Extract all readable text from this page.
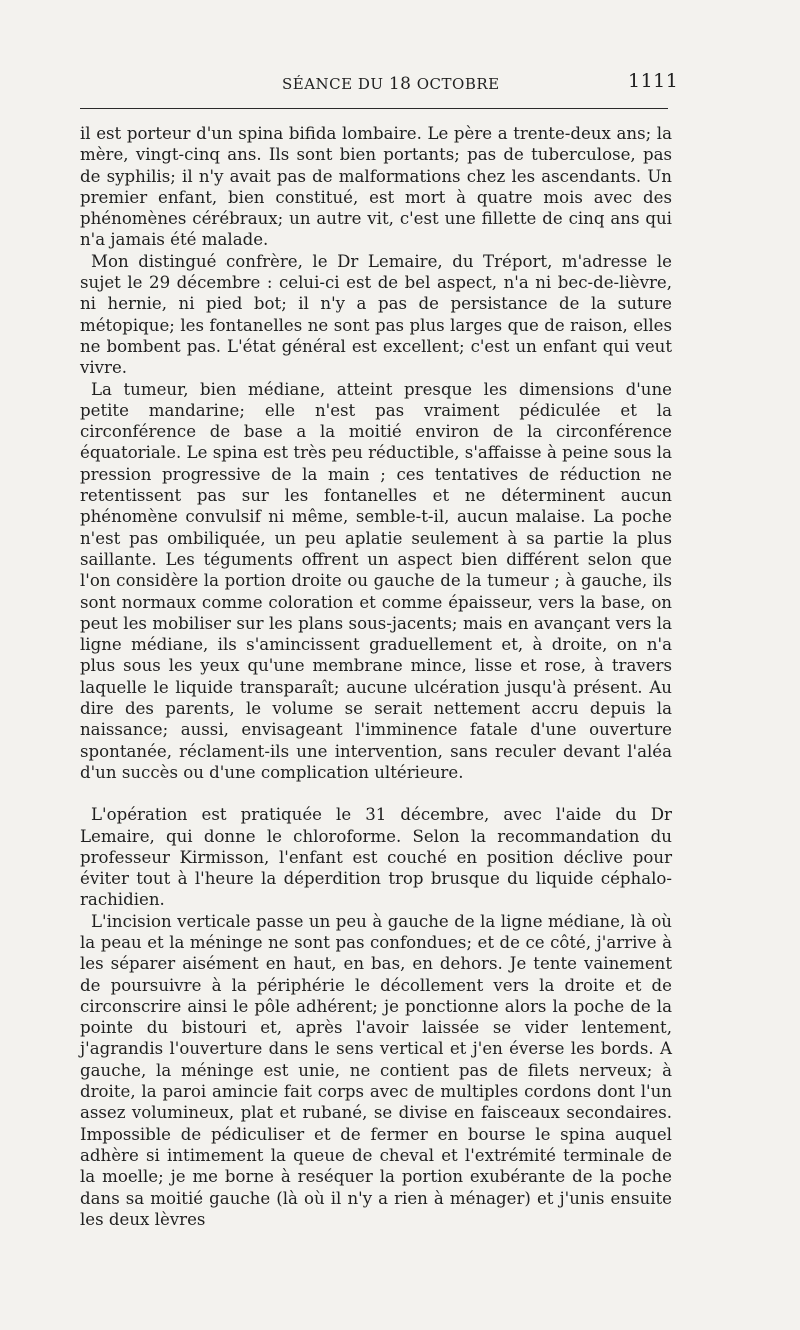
SÉANCE DU 18 OCTOBRE	1111

il est porteur d'un spina bifida lombaire. Le père a trente-deux ans; la mère, vingt-cinq ans. Ils sont bien portants; pas de tuberculose, pas de syphilis; il n'y avait pas de malformations chez les ascendants. Un premier enfant, bien constitué, est mort à quatre mois avec des phénomènes cérébraux; un autre vit, c'est une fillette de cinq ans qui n'a jamais été malade.

Mon distingué confrère, le Dr Lemaire, du Tréport, m'adresse le sujet le 29 décembre : celui-ci est de bel aspect, n'a ni bec-de-lièvre, ni hernie, ni pied bot; il n'y a pas de persistance de la suture métopique; les fontanelles ne sont pas plus larges que de raison, elles ne bombent pas. L'état général est excellent; c'est un enfant qui veut vivre.

La tumeur, bien médiane, atteint presque les dimensions d'une petite mandarine; elle n'est pas vraiment pédiculée et la circonférence de base a la moitié environ de la circonférence équatoriale. Le spina est très peu réductible, s'affaisse à peine sous la pression progressive de la main ; ces tentatives de réduction ne retentissent pas sur les fontanelles et ne déterminent aucun phénomène convulsif ni même, semble-t-il, aucun malaise. La poche n'est pas ombiliquée, un peu aplatie seulement à sa partie la plus saillante. Les téguments offrent un aspect bien différent selon que l'on considère la portion droite ou gauche de la tumeur ; à gauche, ils sont normaux comme coloration et comme épaisseur, vers la base, on peut les mobiliser sur les plans sous-jacents; mais en avançant vers la ligne médiane, ils s'amincissent graduellement et, à droite, on n'a plus sous les yeux qu'une membrane mince, lisse et rose, à travers laquelle le liquide transparaît; aucune ulcération jusqu'à présent. Au dire des parents, le volume se serait nettement accru depuis la naissance; aussi, envisageant l'imminence fatale d'une ouverture spontanée, réclament-ils une intervention, sans reculer devant l'aléa d'un succès ou d'une complication ultérieure.

L'opération est pratiquée le 31 décembre, avec l'aide du Dr Lemaire, qui donne le chloroforme. Selon la recommandation du professeur Kirmisson, l'enfant est couché en position déclive pour éviter tout à l'heure la déperdition trop brusque du liquide céphalo-rachidien.

L'incision verticale passe un peu à gauche de la ligne médiane, là où la peau et la méninge ne sont pas confondues; et de ce côté, j'arrive à les séparer aisément en haut, en bas, en dehors. Je tente vainement de poursuivre à la périphérie le décollement vers la droite et de circonscrire ainsi le pôle adhérent; je ponctionne alors la poche de la pointe du bistouri et, après l'avoir laissée se vider lentement, j'agrandis l'ouverture dans le sens vertical et j'en éverse les bords. A gauche, la méninge est unie, ne contient pas de filets nerveux; à droite, la paroi amincie fait corps avec de multiples cordons dont l'un assez volumineux, plat et rubané, se divise en faisceaux secondaires. Impossible de pédiculiser et de fermer en bourse le spina auquel adhère si intimement la queue de cheval et l'extrémité terminale de la moelle; je me borne à reséquer la portion exubérante de la poche dans sa moitié gauche (là où il n'y a rien à ménager) et j'unis ensuite les deux lèvres
